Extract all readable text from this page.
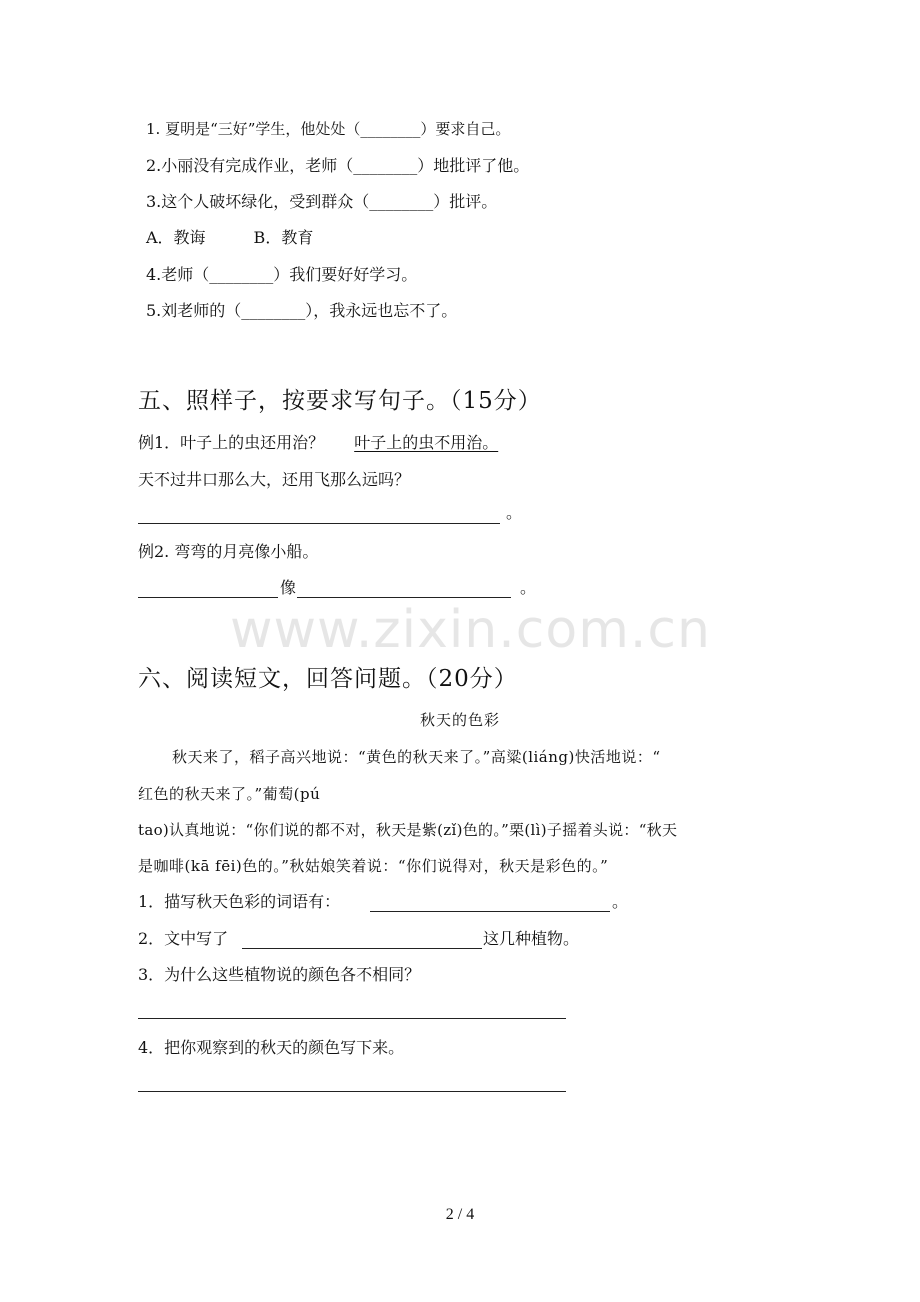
www.zixin.com.cn
1. 夏明是“三好”学生，他处处（________）要求自己。
2.小丽没有完成作业，老师（________）地批评了他。
3.这个人破坏绿化，受到群众（________）批评。
A．教诲　　　B．教育
4.老师（________）我们要好好学习。
5.刘老师的（________），我永远也忘不了。
五、照样子，按要求写句子。（15分）
例1．叶子上的虫还用治？ 叶子上的虫不用治。
天不过井口那么大，还用飞那么远吗？
。
例2. 弯弯的月亮像小船。
像	。
六、阅读短文，回答问题。（20分）
秋天的色彩
秋天来了，稻子高兴地说：“黄色的秋天来了。”高粱(liáng)快活地说：“
红色的秋天来了。”葡萄(pú
tao)认真地说：“你们说的都不对，秋天是紫(zǐ)色的。”栗(lì)子摇着头说：“秋天
是咖啡(kā fēi)色的。”秋姑娘笑着说：“你们说得对，秋天是彩色的。”
1．描写秋天色彩的词语有：	。
2．文中写了	这几种植物。
3．为什么这些植物说的颜色各不相同？
4．把你观察到的秋天的颜色写下来。
2 / 4
